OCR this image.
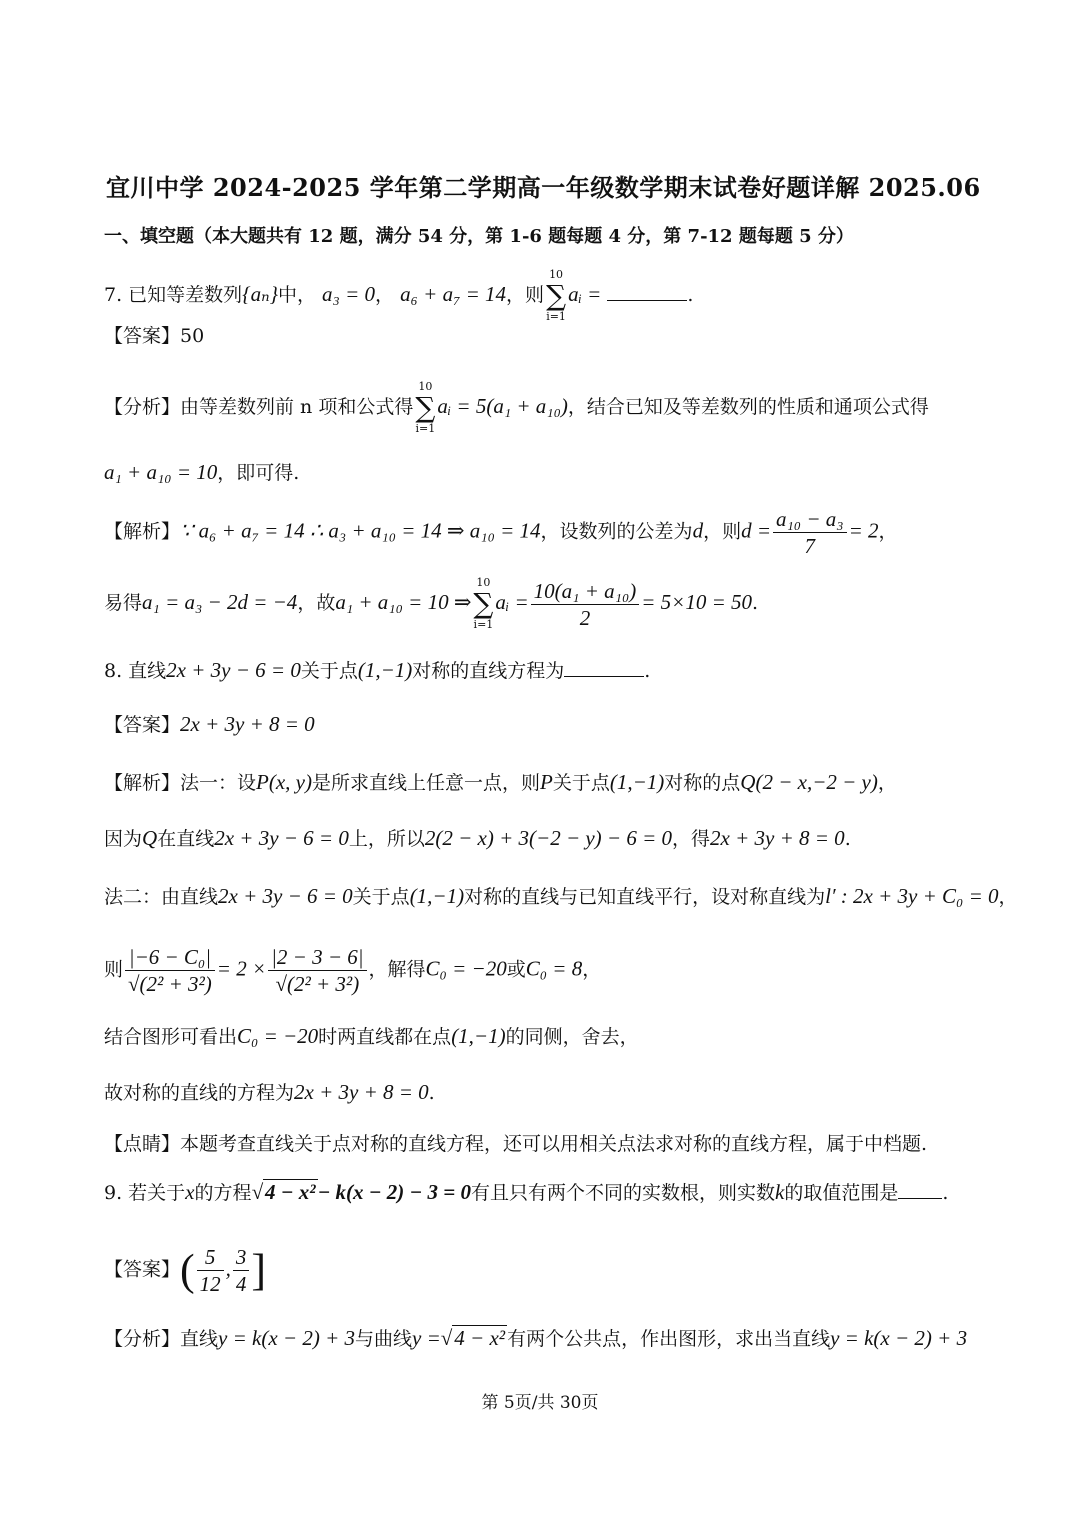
宜川中学 2024-2025 学年第二学期高一年级数学期末试卷好题详解 2025.06
一、填空题（本大题共有 12 题，满分 54 分，第 1-6 题每题 4 分，第 7-12 题每题 5 分）
7. 已知等差数列{aₙ}中， a₃ = 0， a₆ + a₇ = 14，则
10
∑
i=1
aᵢ =	.
【答案】50
【分析】由等差数列前 n 项和公式得
10
∑
i=1
aᵢ = 5(a₁ + a₁₀)，结合已知及等差数列的性质和通项公式得
a₁ + a₁₀ = 10，即可得.
【解析】∵ a₆ + a₇ = 14 ∴ a₃ + a₁₀ = 14 ⇒ a₁₀ = 14，设数列的公差为d，则$d = \frac{\text{a₁₀ − a₃}}{7} = 2$，
易得a₁ = a₃ − 2d = −4，故a₁ + a₁₀ = 10 ⇒
10
∑
i=1
aᵢ = $\frac{\text{10(a₁ + a₁₀)}}{2} = 5\times 10 = 50$.
8. 直线2x + 3y − 6 = 0关于点(1,−1)对称的直线方程为	.
【答案】2x + 3y + 8 = 0
【解析】法一：设P(x, y)是所求直线上任意一点，则P关于点(1,−1)对称的点Q(2 − x,−2 − y)，
因为Q在直线2x + 3y − 6 = 0上，所以2(2 − x) + 3(−2 − y) − 6 = 0，得2x + 3y + 8 = 0.
法二：由直线2x + 3y − 6 = 0关于点(1,−1)对称的直线与已知直线平行，设对称直线为l′ : 2x + 3y + C₀ = 0，
则 $\frac{\text{|−6 − C₀|}}{\text{√(2² + 3²)}} = 2 \times \frac{|2 - 3 - 6|}{\text{√(2² + 3²)}}$ ，解得C₀ = −20或C₀ = 8，
结合图形可看出C₀ = −20时两直线都在点(1,−1)的同侧，舍去，
故对称的直线的方程为2x + 3y + 8 = 0.
【点睛】本题考查直线关于点对称的直线方程，还可以用相关点法求对称的直线方程，属于中档题.
9. 若关于x的方程√4 − x²− k(x − 2) − 3 = 0有且只有两个不同的实数根，则实数k的取值范围是 .
【答案】( $\frac{5}{12}$ , $\frac{3}{4}$ ]
【分析】直线y = k(x − 2) + 3与曲线y =√4 − x² 有两个公共点，作出图形，求出当直线y = k(x − 2) + 3
第 5页/共 30页
